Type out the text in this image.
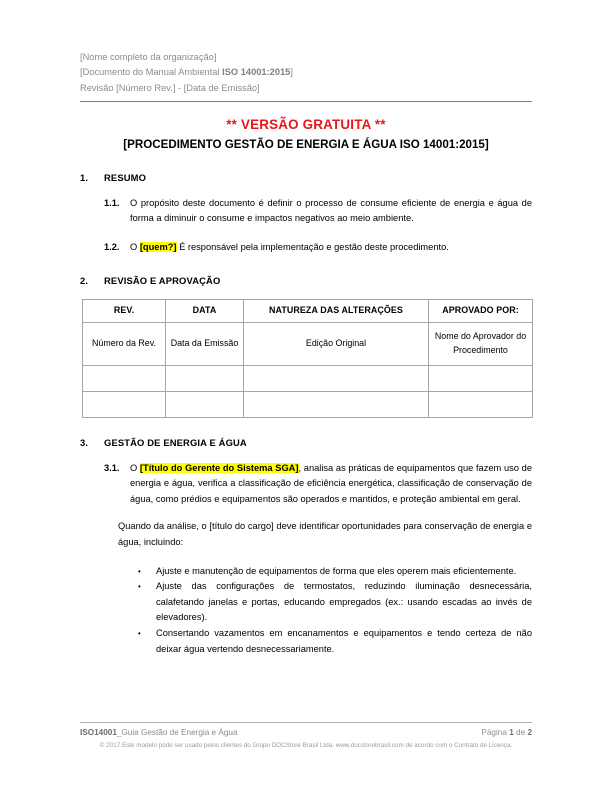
[Nome completo da organização]
[Documento do Manual Ambiental ISO 14001:2015]
Revisão [Número Rev.] - [Data de Emissão]
** VERSÃO GRATUITA **
[PROCEDIMENTO GESTÃO DE ENERGIA E ÁGUA ISO 14001:2015]
1.	RESUMO
1.1.	O propósito deste documento é definir o processo de consume eficiente de energia e água de forma a diminuir o consume e impactos negativos ao meio ambiente.
1.2.	O [quem?] É responsável pela implementação e gestão deste procedimento.
2.	REVISÃO E APROVAÇÃO
REV.	DATA	NATUREZA DAS ALTERAÇÕES	APROVADO POR:
Número da Rev.	Data da Emissão	Edição Original	Nome do Aprovador do Procedimento

3.	GESTÃO DE ENERGIA E ÁGUA
3.1.	O [Título do Gerente do Sistema SGA], analisa as práticas de equipamentos que fazem uso de energia e água, verifica a classificação de eficiência energética, classificação de conservação de água, como prédios e equipamentos são operados e mantidos, e proteção ambiental em geral.
Quando da análise, o [título do cargo] deve identificar oportunidades para conservação de energia e água, incluindo:
•	Ajuste e manutenção de equipamentos de forma que eles operem mais eficientemente.
•	Ajuste das configurações de termostatos, reduzindo iluminação desnecessária, calafetando janelas e portas, educando empregados (ex.: usando escadas ao invés de elevadores).
•	Consertando vazamentos em encanamentos e equipamentos e tendo certeza de não deixar água vertendo desnecessariamente.
ISO14001_Guia Gestão de Energia e Água	Página 1 de 2
© 2017 Este modelo pode ser usado pelos clientes do Grupo DOCStore Brasil Ltda. www.docstorebrasil.com de acordo com o Contrato de Licença.
